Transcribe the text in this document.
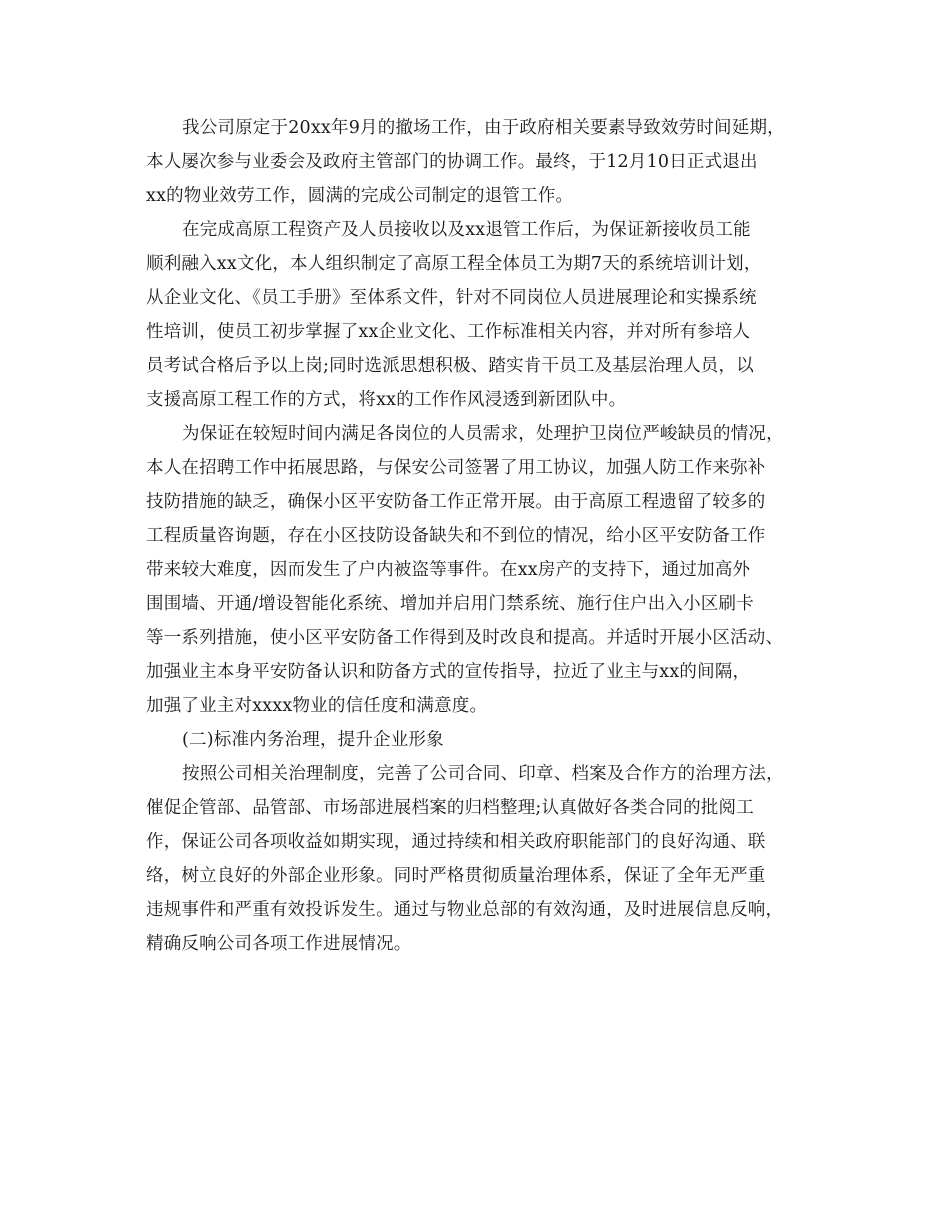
我公司原定于20xx年9月的撤场工作，由于政府相关要素导致效劳时间延期，
本人屡次参与业委会及政府主管部门的协调工作。最终，于12月10日正式退出
xx的物业效劳工作，圆满的完成公司制定的退管工作。
在完成高原工程资产及人员接收以及xx退管工作后，为保证新接收员工能
顺利融入xx文化，本人组织制定了高原工程全体员工为期7天的系统培训计划，
从企业文化、《员工手册》至体系文件，针对不同岗位人员进展理论和实操系统
性培训，使员工初步掌握了xx企业文化、工作标准相关内容，并对所有参培人
员考试合格后予以上岗;同时选派思想积极、踏实肯干员工及基层治理人员，以
支援高原工程工作的方式，将xx的工作作风浸透到新团队中。
为保证在较短时间内满足各岗位的人员需求，处理护卫岗位严峻缺员的情况，
本人在招聘工作中拓展思路，与保安公司签署了用工协议，加强人防工作来弥补
技防措施的缺乏，确保小区平安防备工作正常开展。由于高原工程遗留了较多的
工程质量咨询题，存在小区技防设备缺失和不到位的情况，给小区平安防备工作
带来较大难度，因而发生了户内被盗等事件。在xx房产的支持下，通过加高外
围围墙、开通/增设智能化系统、增加并启用门禁系统、施行住户出入小区刷卡
等一系列措施，使小区平安防备工作得到及时改良和提高。并适时开展小区活动、
加强业主本身平安防备认识和防备方式的宣传指导，拉近了业主与xx的间隔，
加强了业主对xxxx物业的信任度和满意度。
(二)标准内务治理，提升企业形象
按照公司相关治理制度，完善了公司合同、印章、档案及合作方的治理方法，
催促企管部、品管部、市场部进展档案的归档整理;认真做好各类合同的批阅工
作，保证公司各项收益如期实现，通过持续和相关政府职能部门的良好沟通、联
络，树立良好的外部企业形象。同时严格贯彻质量治理体系，保证了全年无严重
违规事件和严重有效投诉发生。通过与物业总部的有效沟通，及时进展信息反响，
精确反响公司各项工作进展情况。
